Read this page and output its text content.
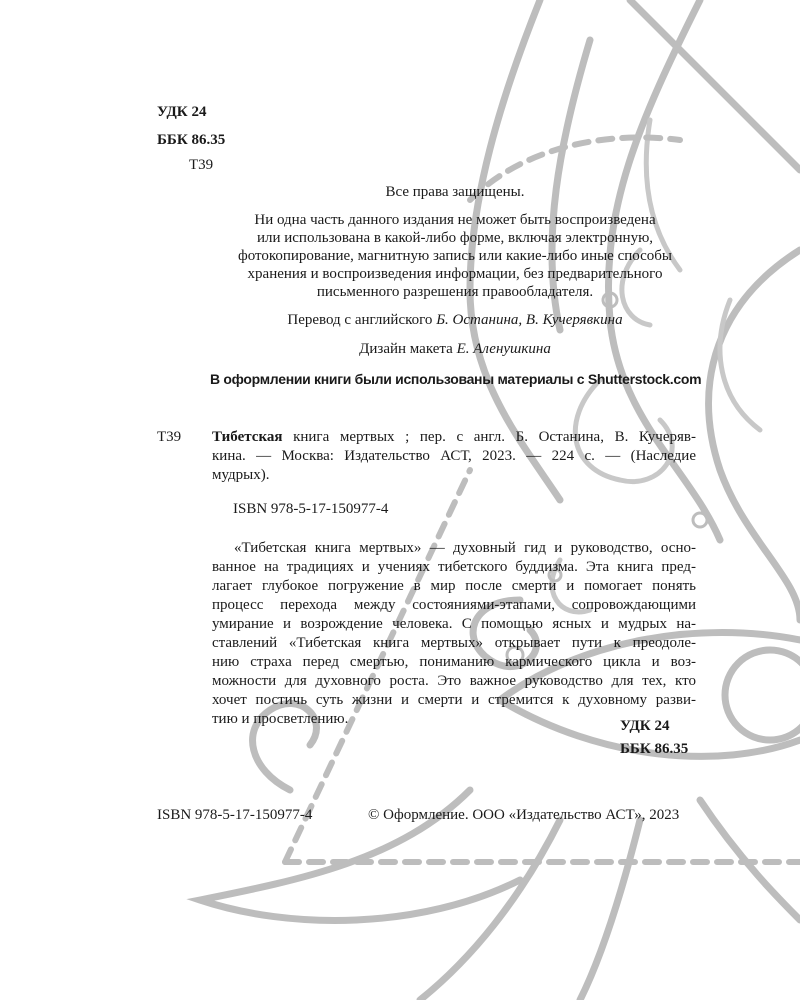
УДК 24
ББК 86.35
Т39
Все права защищены.
Ни одна часть данного издания не может быть воспроизведена
или использована в какой-либо форме, включая электронную,
фотокопирование, магнитную запись или какие-либо иные способы
хранения и воспроизведения информации, без предварительного
письменного разрешения правообладателя.
Перевод с английского Б. Останина, В. Кучерявкина
Дизайн макета Е. Аленушкина
В оформлении книги были использованы материалы с Shutterstock.com
Т39 Тибетская книга мертвых ; пер. с англ. Б. Останина, В. Кучеряв-
кина. — Москва: Издательство АСТ, 2023. — 224 с. — (Наследие
мудрых).
ISBN 978-5-17-150977-4
«Тибетская книга мертвых» — духовный гид и руководство, осно-
ванное на традициях и учениях тибетского буддизма. Эта книга пред-
лагает глубокое погружение в мир после смерти и помогает понять
процесс перехода между состояниями-этапами, сопровождающими
умирание и возрождение человека. С помощью ясных и мудрых на-
ставлений «Тибетская книга мертвых» открывает пути к преодоле-
нию страха перед смертью, пониманию кармического цикла и воз-
можности для духовного роста. Это важное руководство для тех, кто
хочет постичь суть жизни и смерти и стремится к духовному разви-
тию и просветлению.	УДК 24
ББК 86.35
ISBN 978-5-17-150977-4	© Оформление. ООО «Издательство АСТ», 2023
